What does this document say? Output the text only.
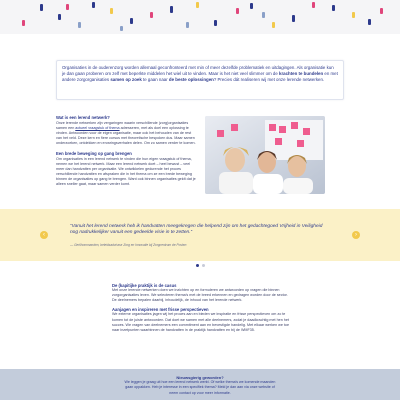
Organisaties in de ouderenzorg worden allemaal geconfronteerd met min of meer dezelfde problematiek en uitdagingen. Als organisatie kun je dan gaan proberen om zelf met beperkte middelen het wiel uit te vinden. Maar is het niet veel slimmer om de krachten te bundelen en met andere zorgorganisaties samen op zoek te gaan naar de beste oplossingen? Precies dát realiseren wij met onze lerende netwerken.
Wat is een lerend netwerk?

Onze lerende netwerken zijn vergaringen waarin verschillende (zorg)organisaties samen een actueel vraagstuk of thema adresseren, met als doel een oplossing te vinden. Antwoorden voor de eigen organisatie, maar ook het behouden van de rest van het veld. Deze kern en fiere cursus met theoretische bespoken dus. Maar samen onderzoeken, ontdekken en ervaringsverhalen delen. Om zo samen verder te komen.

Een brede beweging op gang brengen

Om organisaties in een lerend netwerk te vinden die hun eigen vraagstuk of thema, nemen we het lerend netwerk. Maar een lerend netwerk doet – heel bewust – veel meer dan handvatten per organisatie. We ontwikkelen gedurende het proces verschillende handvatten en afspraken die in het thema om ze een brede beweging binnen de organisaties op gang te brengen. Want ook binnen organisaties geldt dat je alleen sneller gaat, maar samen verder komt.

‹	›

“Vanuit het lerend netwerk heb ik handvatten meegekregen die helpend zijn om het gedachtegoed Vrijheid in Veiligheid nog nadrukkelijker vanuit een gedeelde visie in te zetten.”

— Gerlihommanden, beleidsadviseur Zorg en Innovatie bij Zorgcentrum de Posten

De (kapitijke praktijk is de casus

Met onze lerende netwerken doen we inzichten op en formuleren we antwoorden op vragen die binnen zorgorganisaties leven. We selecteren thema's met de breed erkennen en gedragen worden door de sector. De deelnemers bepalen daarbij, inhoudelijk, de inhoud van het lerende netwerk.

Aanjagen en inspireren met frisse perspectieven

We externe organisaties jagen wij het proces aan en bieden we inspiratie en frisse perspectieven om zo te komen tot de juiste antwoorden. Dat doet we samen met alle deelnemers, zodat je daadkrachtig met hen het succes. We vragen van deelnemers een commitment aan en bevestigde handelig. Met elkaar werken we toe naar inzetpunten waarbinnen de handvatten in de praktijk handvatten en bij de WMF35.

Nieuwsgierig geworden?
We leggen je graag uit hoe een lerend netwerk werkt. Of welke thema's we komende maanden
gaan oppakken. Heb je interesse in een specifiek thema? Meld je dan aan via onze website of
neem contact op voor meer informatie.
